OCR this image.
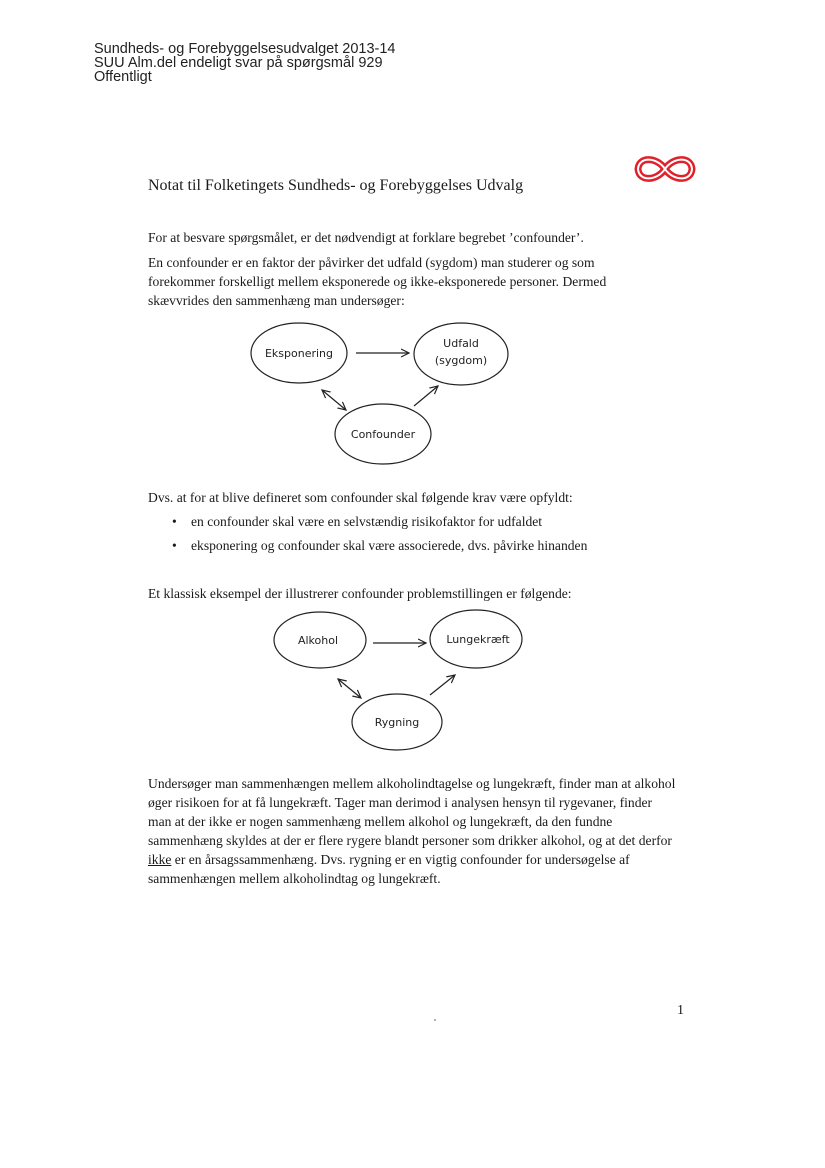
Sundheds- og Forebyggelsesudvalget 2013-14
SUU Alm.del endeligt svar på spørgsmål 929
Offentligt
Notat til Folketingets Sundheds- og Forebyggelses Udvalg
For at besvare spørgsmålet, er det nødvendigt at forklare begrebet ’confounder’.
En confounder er en faktor der påvirker det udfald (sygdom) man studerer og som forekommer forskelligt mellem eksponerede og ikke-eksponerede personer. Dermed skævvrides den sammenhæng man undersøger:
Eksponering
Udfald
(sygdom)
Confounder
Alkohol	Lungekræft
Rygning
Dvs. at for at blive defineret som confounder skal følgende krav være opfyldt:
• en confounder skal være en selvstændig risikofaktor for udfaldet
• eksponering og confounder skal være associerede, dvs. påvirke hinanden
Et klassisk eksempel der illustrerer confounder problemstillingen er følgende:
Undersøger man sammenhængen mellem alkoholindtagelse og lungekræft, finder man at alkohol øger risikoen for at få lungekræft. Tager man derimod i analysen hensyn til rygevaner, finder man at der ikke er nogen sammenhæng mellem alkohol og lungekræft, da den fundne sammenhæng skyldes at der er flere rygere blandt personer som drikker alkohol, og at det derfor ikke er en årsagssammenhæng. Dvs. rygning er en vigtig confounder for undersøgelse af sammenhængen mellem alkoholindtag og lungekræft.
1
